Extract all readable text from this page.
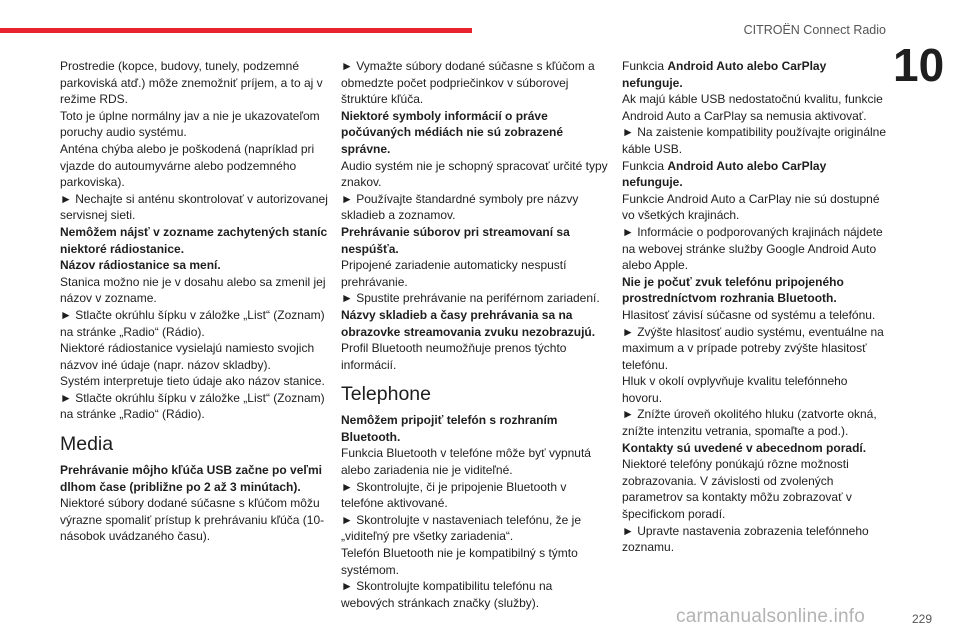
CITROËN Connect Radio
10

Prostredie (kopce, budovy, tunely, podzemné parkoviská atď.) môže znemožniť príjem, a to aj v režime RDS.

Toto je úplne normálny jav a nie je ukazovateľom poruchy audio systému.

Anténa chýba alebo je poškodená (napríklad pri vjazde do autoumyvárne alebo podzemného parkoviska).

► Nechajte si anténu skontrolovať v autorizovanej servisnej sieti.

Nemôžem nájsť v zozname zachytených staníc niektoré rádiostanice.

Názov rádiostanice sa mení.

Stanica možno nie je v dosahu alebo sa zmenil jej názov v zozname.

► Stlačte okrúhlu šípku v záložke „List“ (Zoznam) na stránke „Radio“ (Rádio).

Niektoré rádiostanice vysielajú namiesto svojich názvov iné údaje (napr. názov skladby).

Systém interpretuje tieto údaje ako názov stanice.

► Stlačte okrúhlu šípku v záložke „List“ (Zoznam) na stránke „Radio“ (Rádio).

Media

Prehrávanie môjho kľúča USB začne po veľmi dlhom čase (približne po 2 až 3 minútach).

Niektoré súbory dodané súčasne s kľúčom môžu výrazne spomaliť prístup k prehrávaniu kľúča (10-násobok uvádzaného času).

► Vymažte súbory dodané súčasne s kľúčom a obmedzte počet podpriečinkov v súborovej štruktúre kľúča.

Niektoré symboly informácií o práve počúvaných médiách nie sú zobrazené správne.

Audio systém nie je schopný spracovať určité typy znakov.

► Používajte štandardné symboly pre názvy skladieb a zoznamov.

Prehrávanie súborov pri streamovaní sa nespúšťa.

Pripojené zariadenie automaticky nespustí prehrávanie.

► Spustite prehrávanie na periférnom zariadení.

Názvy skladieb a časy prehrávania sa na obrazovke streamovania zvuku nezobrazujú.

Profil Bluetooth neumožňuje prenos týchto informácií.

Telephone

Nemôžem pripojiť telefón s rozhraním Bluetooth.

Funkcia Bluetooth v telefóne môže byť vypnutá alebo zariadenia nie je viditeľné.

► Skontrolujte, či je pripojenie Bluetooth v telefóne aktivované.

► Skontrolujte v nastaveniach telefónu, že je „viditeľný pre všetky zariadenia“.

Telefón Bluetooth nie je kompatibilný s týmto systémom.

► Skontrolujte kompatibilitu telefónu na webových stránkach značky (služby).

Funkcia Android Auto alebo CarPlay nefunguje.

Ak majú káble USB nedostatočnú kvalitu, funkcie Android Auto a CarPlay sa nemusia aktivovať.

► Na zaistenie kompatibility používajte originálne káble USB.

Funkcia Android Auto alebo CarPlay nefunguje.

Funkcie Android Auto a CarPlay nie sú dostupné vo všetkých krajinách.

► Informácie o podporovaných krajinách nájdete na webovej stránke služby Google Android Auto alebo Apple.

Nie je počuť zvuk telefónu pripojeného prostredníctvom rozhrania Bluetooth.

Hlasitosť závisí súčasne od systému a telefónu.

► Zvýšte hlasitosť audio systému, eventuálne na maximum a v prípade potreby zvýšte hlasitosť telefónu.

Hluk v okolí ovplyvňuje kvalitu telefónneho hovoru.

► Znížte úroveň okolitého hluku (zatvorte okná, znížte intenzitu vetrania, spomaľte a pod.).

Kontakty sú uvedené v abecednom poradí.

Niektoré telefóny ponúkajú rôzne možnosti zobrazovania. V závislosti od zvolených parametrov sa kontakty môžu zobrazovať v špecifickom poradí.

► Upravte nastavenia zobrazenia telefónneho zoznamu.

carmanualsonline.info	229
